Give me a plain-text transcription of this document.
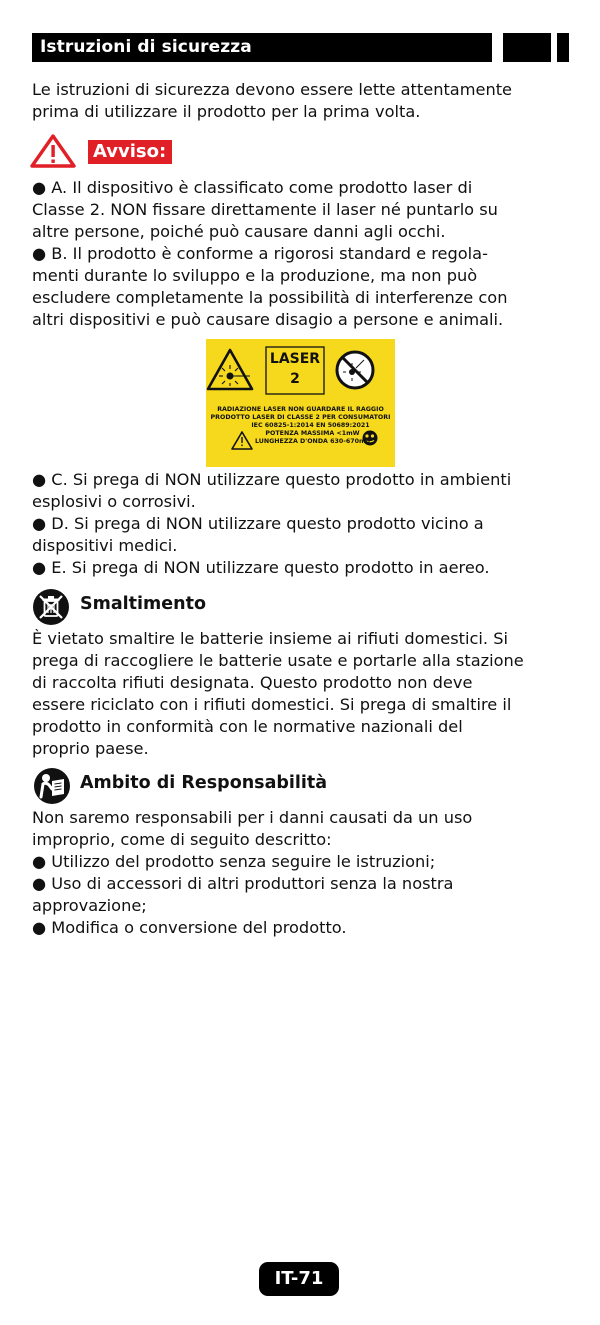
Istruzioni di sicurezza

Le istruzioni di sicurezza devono essere lette attentamente

prima di utilizzare il prodotto per la prima volta.

Avviso:

● A. Il dispositivo è classificato come prodotto laser di

Classe 2. NON fissare direttamente il laser né puntarlo su

altre persone, poiché può causare danni agli occhi.

● B. Il prodotto è conforme a rigorosi standard e regola-

menti durante lo sviluppo e la produzione, ma non può

escludere completamente la possibilità di interferenze con

altri dispositivi e può causare disagio a persone e animali.

LASER
2
RADIAZIONE LASER NON GUARDARE IL RAGGIO
PRODOTTO LASER DI CLASSE 2 PER CONSUMATORI
IEC 60825-1:2014 EN 50689:2021
POTENZA MASSIMA <1mW
LUNGHEZZA D'ONDA 630-670nm

● C. Si prega di NON utilizzare questo prodotto in ambienti

esplosivi o corrosivi.

● D. Si prega di NON utilizzare questo prodotto vicino a

dispositivi medici.

● E. Si prega di NON utilizzare questo prodotto in aereo.

Smaltimento

È vietato smaltire le batterie insieme ai rifiuti domestici. Si

prega di raccogliere le batterie usate e portarle alla stazione

di raccolta rifiuti designata. Questo prodotto non deve

essere riciclato con i rifiuti domestici. Si prega di smaltire il

prodotto in conformità con le normative nazionali del

proprio paese.

Ambito di Responsabilità

Non saremo responsabili per i danni causati da un uso

improprio, come di seguito descritto:

● Utilizzo del prodotto senza seguire le istruzioni;

● Uso di accessori di altri produttori senza la nostra

approvazione;

● Modifica o conversione del prodotto.

IT-71
